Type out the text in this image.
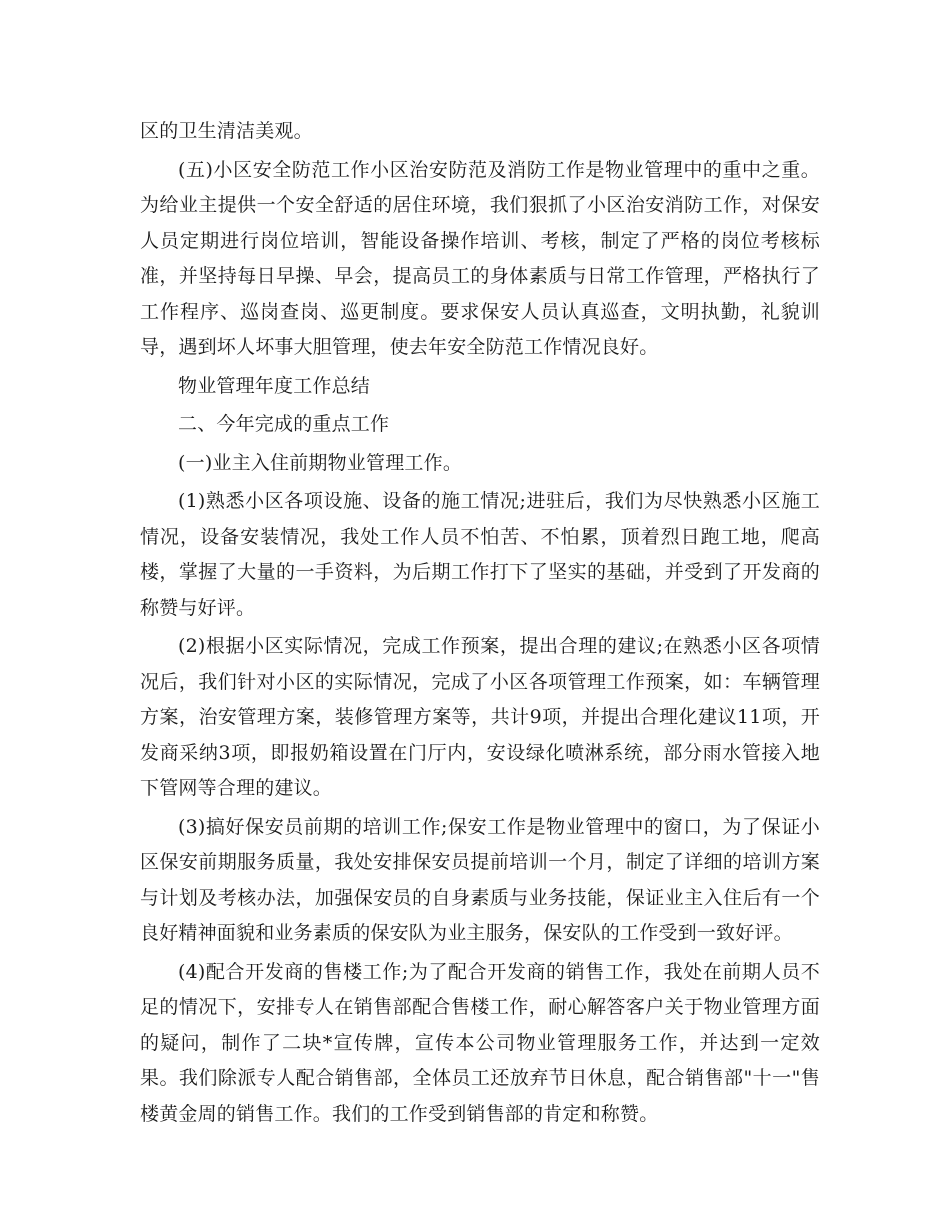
区的卫生清洁美观。

(五)小区安全防范工作小区治安防范及消防工作是物业管理中的重中之重。为给业主提供一个安全舒适的居住环境，我们狠抓了小区治安消防工作，对保安人员定期进行岗位培训，智能设备操作培训、考核，制定了严格的岗位考核标准，并坚持每日早操、早会，提高员工的身体素质与日常工作管理，严格执行了工作程序、巡岗查岗、巡更制度。要求保安人员认真巡查，文明执勤，礼貌训导，遇到坏人坏事大胆管理，使去年安全防范工作情况良好。

物业管理年度工作总结

二、今年完成的重点工作

(一)业主入住前期物业管理工作。

(1)熟悉小区各项设施、设备的施工情况;进驻后，我们为尽快熟悉小区施工情况，设备安装情况，我处工作人员不怕苦、不怕累，顶着烈日跑工地，爬高楼，掌握了大量的一手资料，为后期工作打下了坚实的基础，并受到了开发商的称赞与好评。

(2)根据小区实际情况，完成工作预案，提出合理的建议;在熟悉小区各项情况后，我们针对小区的实际情况，完成了小区各项管理工作预案，如：车辆管理方案，治安管理方案，装修管理方案等，共计9项，并提出合理化建议11项，开发商采纳3项，即报奶箱设置在门厅内，安设绿化喷淋系统，部分雨水管接入地下管网等合理的建议。

(3)搞好保安员前期的培训工作;保安工作是物业管理中的窗口，为了保证小区保安前期服务质量，我处安排保安员提前培训一个月，制定了详细的培训方案与计划及考核办法，加强保安员的自身素质与业务技能，保证业主入住后有一个良好精神面貌和业务素质的保安队为业主服务，保安队的工作受到一致好评。

(4)配合开发商的售楼工作;为了配合开发商的销售工作，我处在前期人员不足的情况下，安排专人在销售部配合售楼工作，耐心解答客户关于物业管理方面的疑问，制作了二块*宣传牌，宣传本公司物业管理服务工作，并达到一定效果。我们除派专人配合销售部，全体员工还放弃节日休息，配合销售部"十一"售楼黄金周的销售工作。我们的工作受到销售部的肯定和称赞。
